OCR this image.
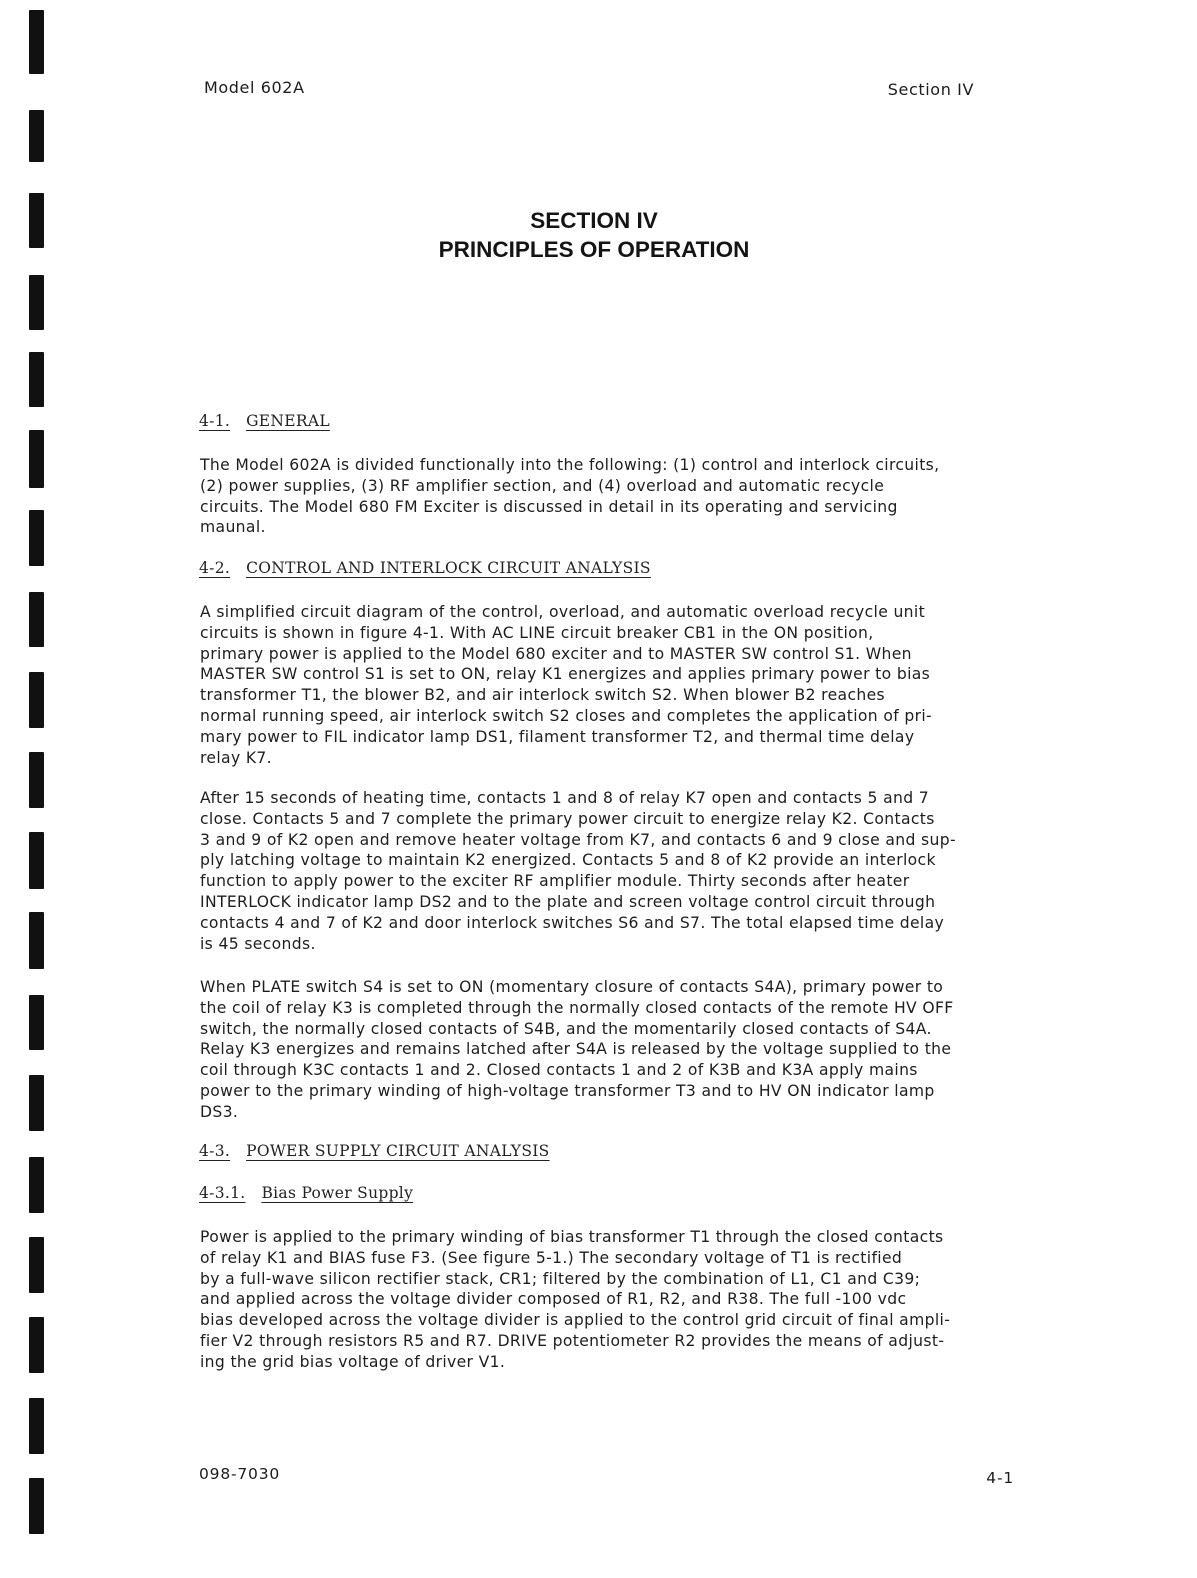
Model 602A	Section IV
SECTION IV
PRINCIPLES OF OPERATION
4-1. GENERAL

The Model 602A is divided functionally into the following: (1) control and interlock circuits,
(2) power supplies, (3) RF amplifier section, and (4) overload and automatic recycle
circuits. The Model 680 FM Exciter is discussed in detail in its operating and servicing
maunal.

4-2. CONTROL AND INTERLOCK CIRCUIT ANALYSIS

A simplified circuit diagram of the control, overload, and automatic overload recycle unit
circuits is shown in figure 4-1. With AC LINE circuit breaker CB1 in the ON position,
primary power is applied to the Model 680 exciter and to MASTER SW control S1. When
MASTER SW control S1 is set to ON, relay K1 energizes and applies primary power to bias
transformer T1, the blower B2, and air interlock switch S2. When blower B2 reaches
normal running speed, air interlock switch S2 closes and completes the application of pri-
mary power to FIL indicator lamp DS1, filament transformer T2, and thermal time delay
relay K7.

After 15 seconds of heating time, contacts 1 and 8 of relay K7 open and contacts 5 and 7
close. Contacts 5 and 7 complete the primary power circuit to energize relay K2. Contacts
3 and 9 of K2 open and remove heater voltage from K7, and contacts 6 and 9 close and sup-
ply latching voltage to maintain K2 energized. Contacts 5 and 8 of K2 provide an interlock
function to apply power to the exciter RF amplifier module. Thirty seconds after heater
INTERLOCK indicator lamp DS2 and to the plate and screen voltage control circuit through
contacts 4 and 7 of K2 and door interlock switches S6 and S7. The total elapsed time delay
is 45 seconds.

When PLATE switch S4 is set to ON (momentary closure of contacts S4A), primary power to
the coil of relay K3 is completed through the normally closed contacts of the remote HV OFF
switch, the normally closed contacts of S4B, and the momentarily closed contacts of S4A.
Relay K3 energizes and remains latched after S4A is released by the voltage supplied to the
coil through K3C contacts 1 and 2. Closed contacts 1 and 2 of K3B and K3A apply mains
power to the primary winding of high-voltage transformer T3 and to HV ON indicator lamp
DS3.

4-3. POWER SUPPLY CIRCUIT ANALYSIS
4-3.1. Bias Power Supply

Power is applied to the primary winding of bias transformer T1 through the closed contacts
of relay K1 and BIAS fuse F3. (See figure 5-1.) The secondary voltage of T1 is rectified
by a full-wave silicon rectifier stack, CR1; filtered by the combination of L1, C1 and C39;
and applied across the voltage divider composed of R1, R2, and R38. The full -100 vdc
bias developed across the voltage divider is applied to the control grid circuit of final ampli-
fier V2 through resistors R5 and R7. DRIVE potentiometer R2 provides the means of adjust-
ing the grid bias voltage of driver V1.

098-7030	4-1
